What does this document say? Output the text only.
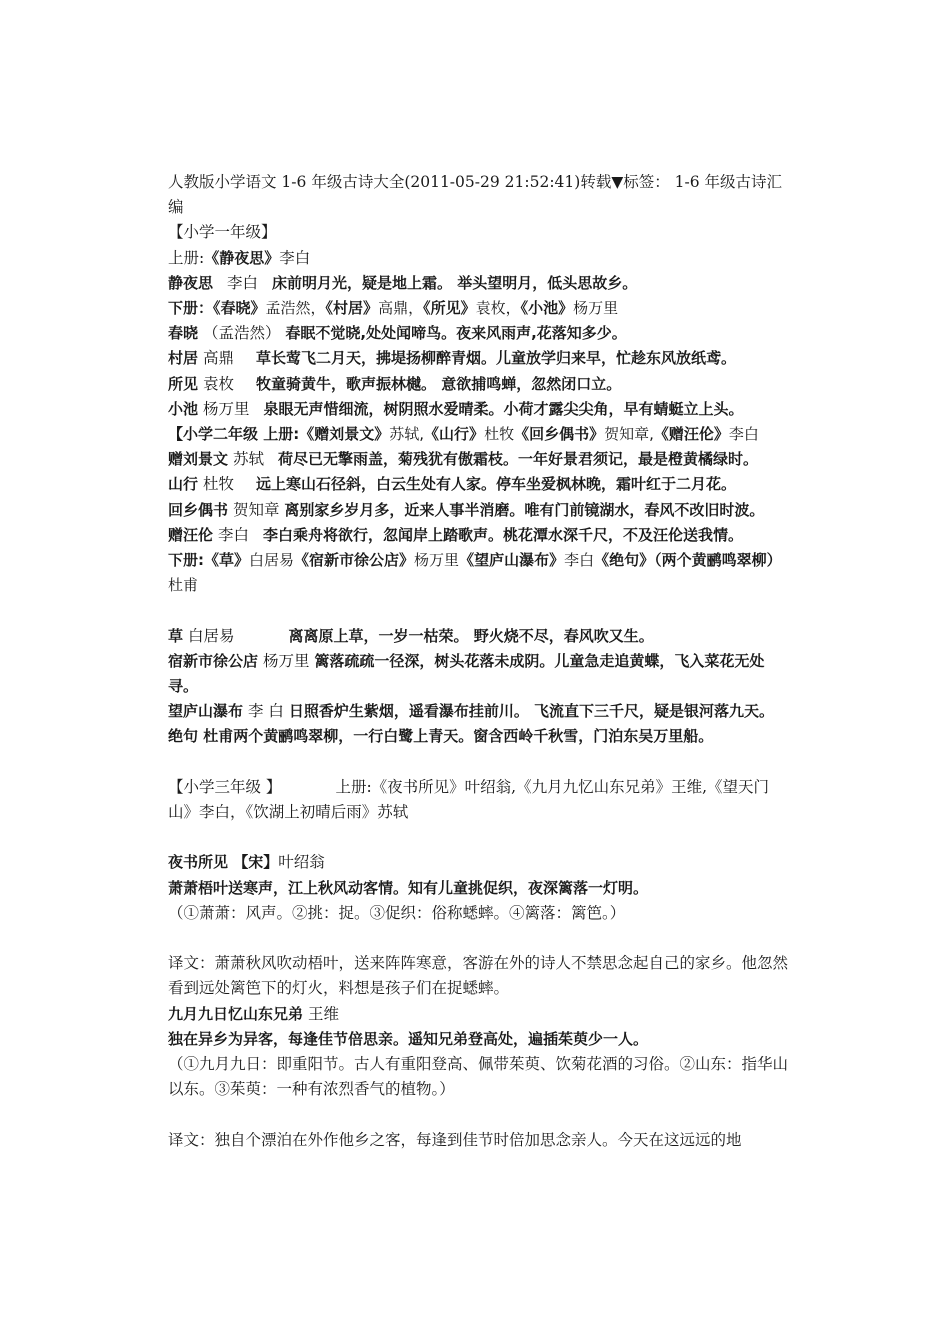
人教版小学语文 1-6 年级古诗大全(2011-05-29 21:52:41)转载▼标签： 1-6 年级古诗汇编
【小学一年级】
上册:《静夜思》李白
静夜思 李白 床前明月光，疑是地上霜。 举头望明月，低头思故乡。
下册：《春晓》孟浩然，《村居》高鼎，《所见》袁枚，《小池》杨万里
春晓 （孟浩然） 春眠不觉晓,处处闻啼鸟。夜来风雨声,花落知多少。
村居 高鼎 草长莺飞二月天，拂堤扬柳醉青烟。儿童放学归来早，忙趁东风放纸鸢。
所见 袁枚 牧童骑黄牛，歌声振林樾。 意欲捕鸣蝉，忽然闭口立。
小池 杨万里 泉眼无声惜细流，树阴照水爱晴柔。小荷才露尖尖角，早有蜻蜓立上头。
【小学二年级 上册:《赠刘景文》苏轼,《山行》杜牧《回乡偶书》贺知章,《赠汪伦》李白
赠刘景文 苏轼 荷尽已无擎雨盖，菊残犹有傲霜枝。一年好景君须记，最是橙黄橘绿时。
山行 杜牧 远上寒山石径斜，白云生处有人家。停车坐爱枫林晚，霜叶红于二月花。
回乡偶书 贺知章 离别家乡岁月多，近来人事半消磨。唯有门前镜湖水，春风不改旧时波。
赠汪伦 李白 李白乘舟将欲行，忽闻岸上踏歌声。桃花潭水深千尺，不及汪伦送我情。
下册:《草》白居易《宿新市徐公店》杨万里《望庐山瀑布》李白《绝句》（两个黄鹂鸣翠柳）杜甫
草 白居易	离离原上草，一岁一枯荣。 野火烧不尽，春风吹又生。
宿新市徐公店 杨万里 篱落疏疏一径深，树头花落未成阴。儿童急走追黄蝶，飞入菜花无处寻。
望庐山瀑布 李 白 日照香炉生紫烟，遥看瀑布挂前川。 飞流直下三千尺，疑是银河落九天。
绝句 杜甫两个黄鹂鸣翠柳，一行白鹭上青天。窗含西岭千秋雪，门泊东吴万里船。
【小学三年级 】	上册:《夜书所见》叶绍翁,《九月九忆山东兄弟》王维,《望天门山》李白，《饮湖上初晴后雨》苏轼
夜书所见 【宋】叶绍翁
萧萧梧叶送寒声，江上秋风动客情。知有儿童挑促织，夜深篱落一灯明。
（①萧萧：风声。②挑：捉。③促织：俗称蟋蟀。④篱落：篱笆。）
译文：萧萧秋风吹动梧叶，送来阵阵寒意，客游在外的诗人不禁思念起自己的家乡。他忽然看到远处篱笆下的灯火，料想是孩子们在捉蟋蟀。
九月九日忆山东兄弟 王维
独在异乡为异客，每逢佳节倍思亲。遥知兄弟登高处，遍插茱萸少一人。
（①九月九日：即重阳节。古人有重阳登高、佩带茱萸、饮菊花酒的习俗。②山东：指华山以东。③茱萸：一种有浓烈香气的植物。）
译文：独自个漂泊在外作他乡之客，每逢到佳节时倍加思念亲人。今天在这远远的地
